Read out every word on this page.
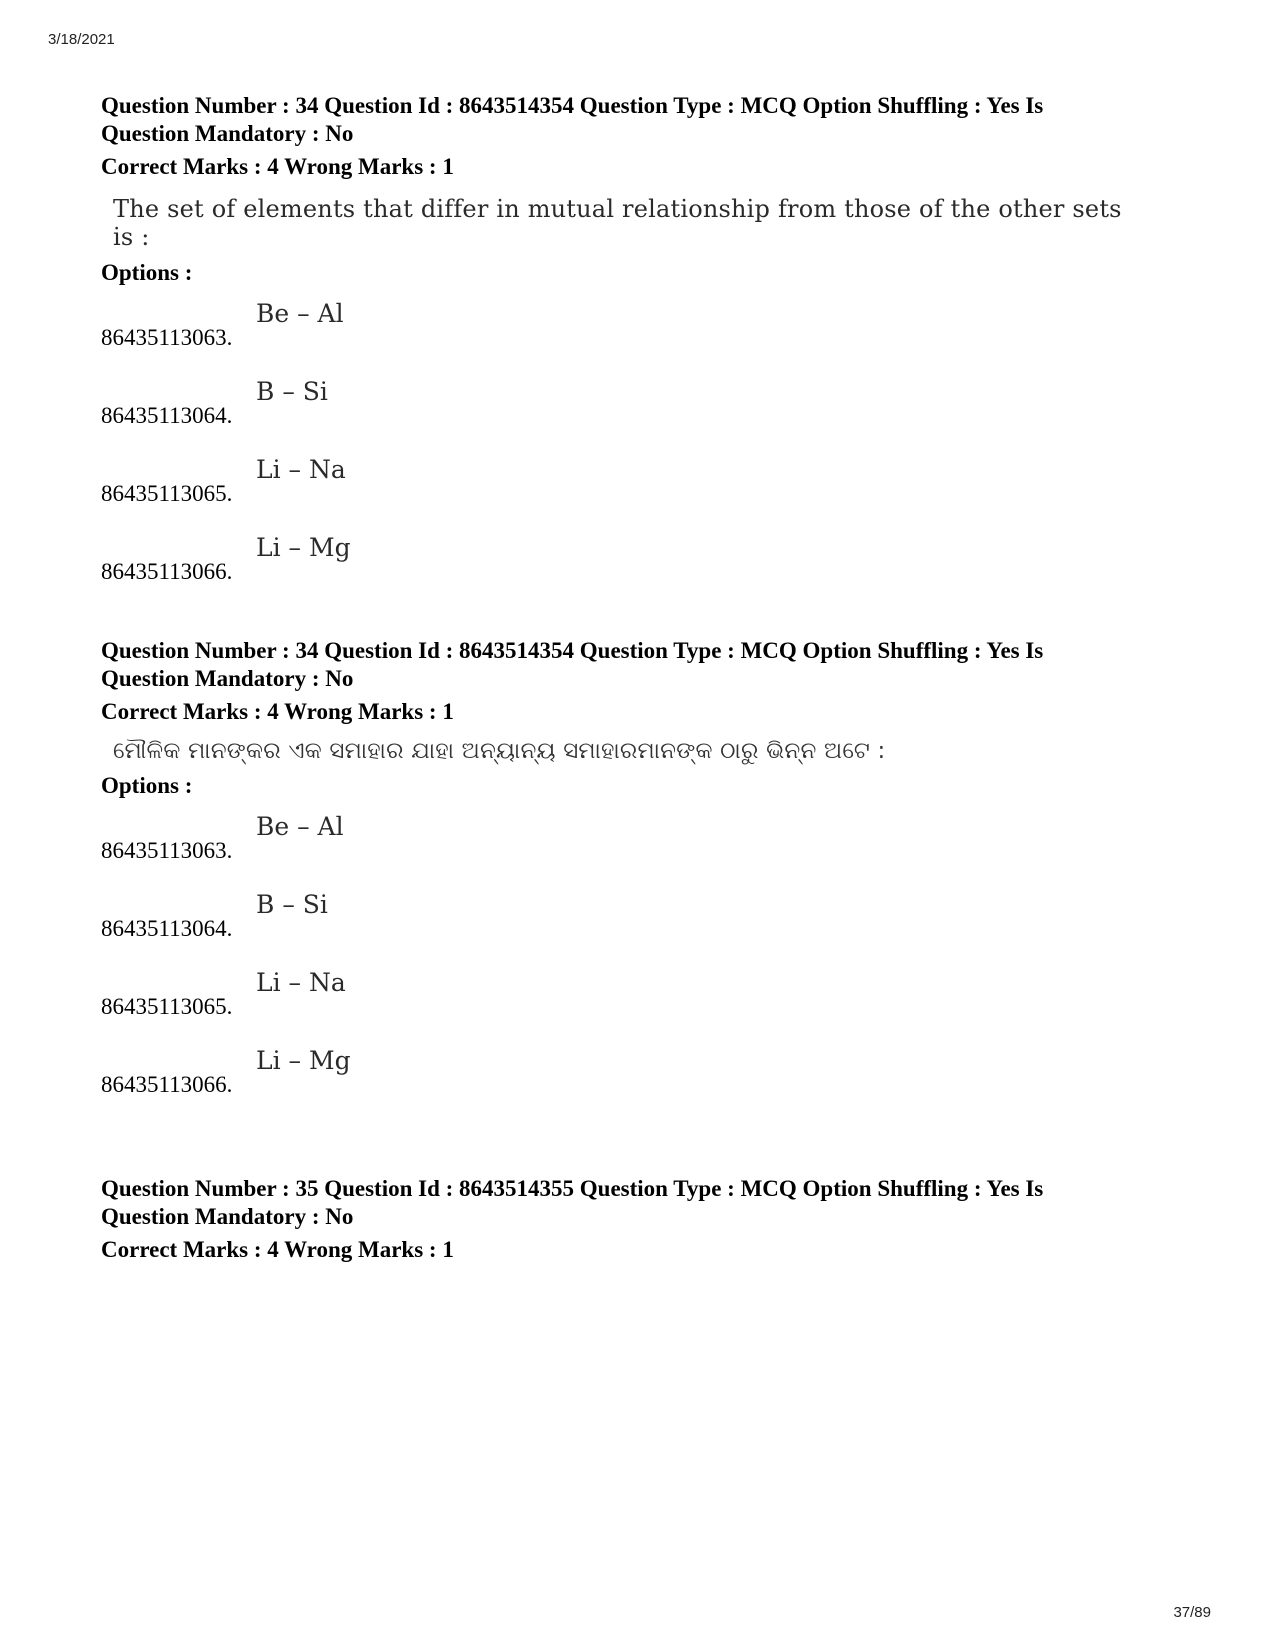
3/18/2021
Question Number : 34 Question Id : 8643514354 Question Type : MCQ Option Shuffling : Yes Is
Question Mandatory : No
Correct Marks : 4 Wrong Marks : 1
The set of elements that differ in mutual relationship from those of the other sets is :
Options :
86435113063.
Be – Al
86435113064.
B – Si
86435113065.
Li – Na
86435113066.
Li – Mg
Question Number : 34 Question Id : 8643514354 Question Type : MCQ Option Shuffling : Yes Is
Question Mandatory : No
Correct Marks : 4 Wrong Marks : 1
ମୌଳିକ ମାନଙ୍କର ଏକ ସମାହାର ଯାହା ଅନ୍ୟାନ୍ୟ ସମାହାରମାନଙ୍କ ଠାରୁ ଭିନ୍ନ ଅଟେ :
Options :
86435113063.
Be – Al
86435113064.
B – Si
86435113065.
Li – Na
86435113066.
Li – Mg
Question Number : 35 Question Id : 8643514355 Question Type : MCQ Option Shuffling : Yes Is
Question Mandatory : No
Correct Marks : 4 Wrong Marks : 1
37/89
